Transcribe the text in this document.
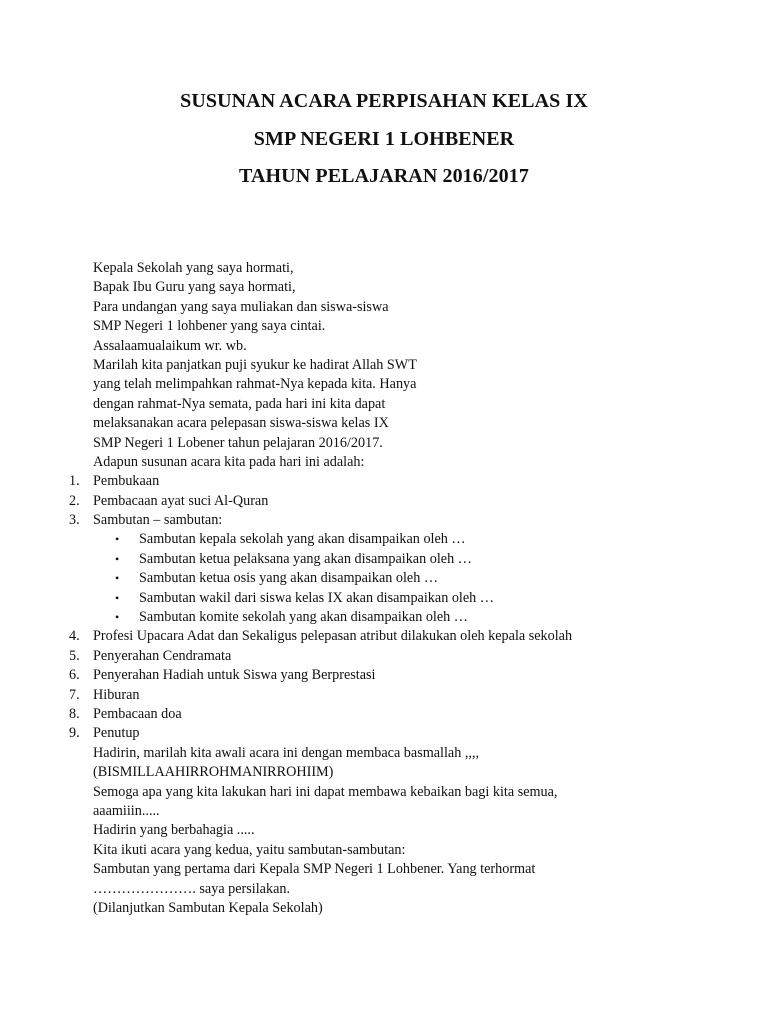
SUSUNAN ACARA PERPISAHAN KELAS IX
SMP NEGERI 1 LOHBENER
TAHUN PELAJARAN 2016/2017
Kepala Sekolah yang saya hormati,
Bapak Ibu Guru yang saya hormati,
Para undangan yang saya muliakan dan siswa-siswa
SMP Negeri 1 lohbener yang saya cintai.
Assalaamualaikum wr. wb.
Marilah kita panjatkan puji syukur ke hadirat Allah SWT
yang telah melimpahkan rahmat-Nya kepada kita. Hanya
dengan rahmat-Nya semata, pada hari ini kita dapat
melaksanakan acara pelepasan siswa-siswa kelas IX
SMP Negeri 1 Lobener tahun pelajaran 2016/2017.
Adapun susunan acara kita pada hari ini adalah:
1. Pembukaan
2. Pembacaan ayat suci Al-Quran
3. Sambutan – sambutan:
• Sambutan kepala sekolah yang akan disampaikan oleh …
• Sambutan ketua pelaksana yang akan disampaikan oleh …
• Sambutan ketua osis yang akan disampaikan oleh …
• Sambutan wakil dari siswa kelas IX akan disampaikan oleh …
• Sambutan komite sekolah yang akan disampaikan oleh …
4. Profesi Upacara Adat dan Sekaligus pelepasan atribut dilakukan oleh kepala sekolah
5. Penyerahan Cendramata
6. Penyerahan Hadiah untuk Siswa yang Berprestasi
7. Hiburan
8. Pembacaan doa
9. Penutup
Hadirin, marilah kita awali acara ini dengan membaca basmallah ,,,,
(BISMILLAAHIRROHMANIRROHIIM)
Semoga apa yang kita lakukan hari ini dapat membawa kebaikan bagi kita semua,
aaamiiin.....
Hadirin yang berbahagia .....
Kita ikuti acara yang kedua, yaitu sambutan-sambutan:
Sambutan yang pertama dari Kepala SMP Negeri 1 Lohbener. Yang terhormat
…………………. saya persilakan.
(Dilanjutkan Sambutan Kepala Sekolah)
